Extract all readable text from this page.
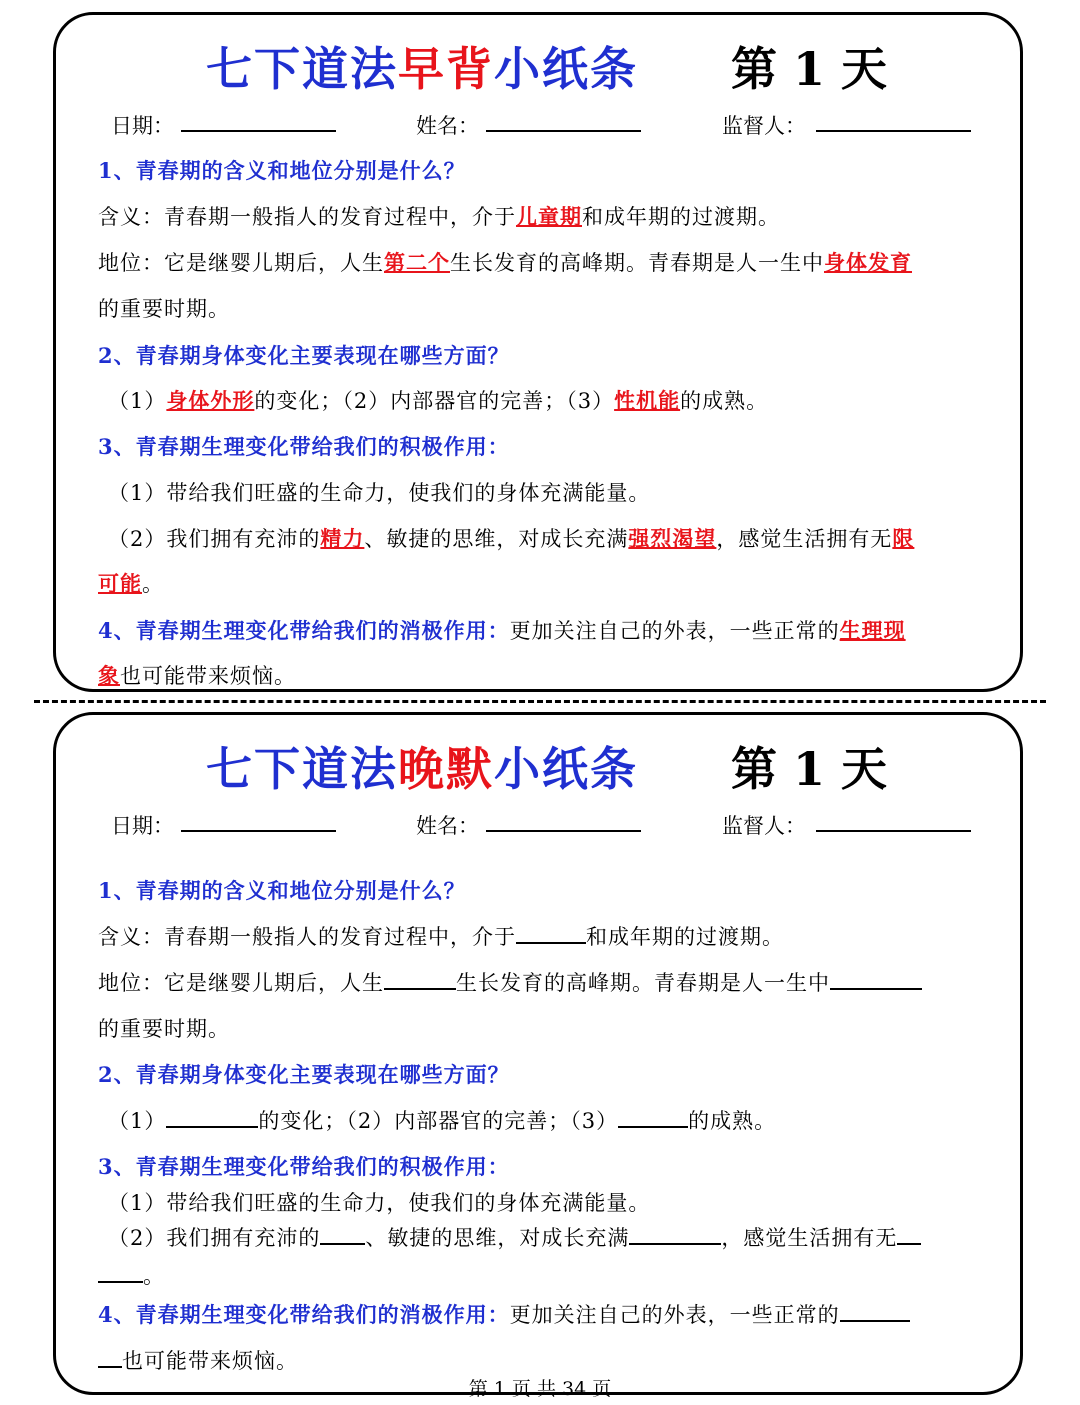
七下道法早背小纸条 第 1 天
日期：	姓名：	监督人：
1、青春期的含义和地位分别是什么？
含义：青春期一般指人的发育过程中，介于儿童期和成年期的过渡期。
地位：它是继婴儿期后，人生第二个生长发育的高峰期。青春期是人一生中身体发育
的重要时期。
2、青春期身体变化主要表现在哪些方面？
（1）身体外形的变化；（2）内部器官的完善；（3）性机能的成熟。
3、青春期生理变化带给我们的积极作用：
（1）带给我们旺盛的生命力，使我们的身体充满能量。
（2）我们拥有充沛的精力、敏捷的思维，对成长充满强烈渴望，感觉生活拥有无限
可能。
4、青春期生理变化带给我们的消极作用：更加关注自己的外表，一些正常的生理现
象也可能带来烦恼。
七下道法晚默小纸条 第 1 天
日期：	姓名：	监督人：
1、青春期的含义和地位分别是什么？
含义：青春期一般指人的发育过程中，介于	和成年期的过渡期。
地位：它是继婴儿期后，人生	生长发育的高峰期。青春期是人一生中
的重要时期。
2、青春期身体变化主要表现在哪些方面？
（1）	的变化；（2）内部器官的完善；（3）	的成熟。
3、青春期生理变化带给我们的积极作用：
（1）带给我们旺盛的生命力，使我们的身体充满能量。
（2）我们拥有充沛的 、敏捷的思维，对成长充满	，感觉生活拥有无
。
4、青春期生理变化带给我们的消极作用：更加关注自己的外表，一些正常的
也可能带来烦恼。
第 1 页 共 34 页
